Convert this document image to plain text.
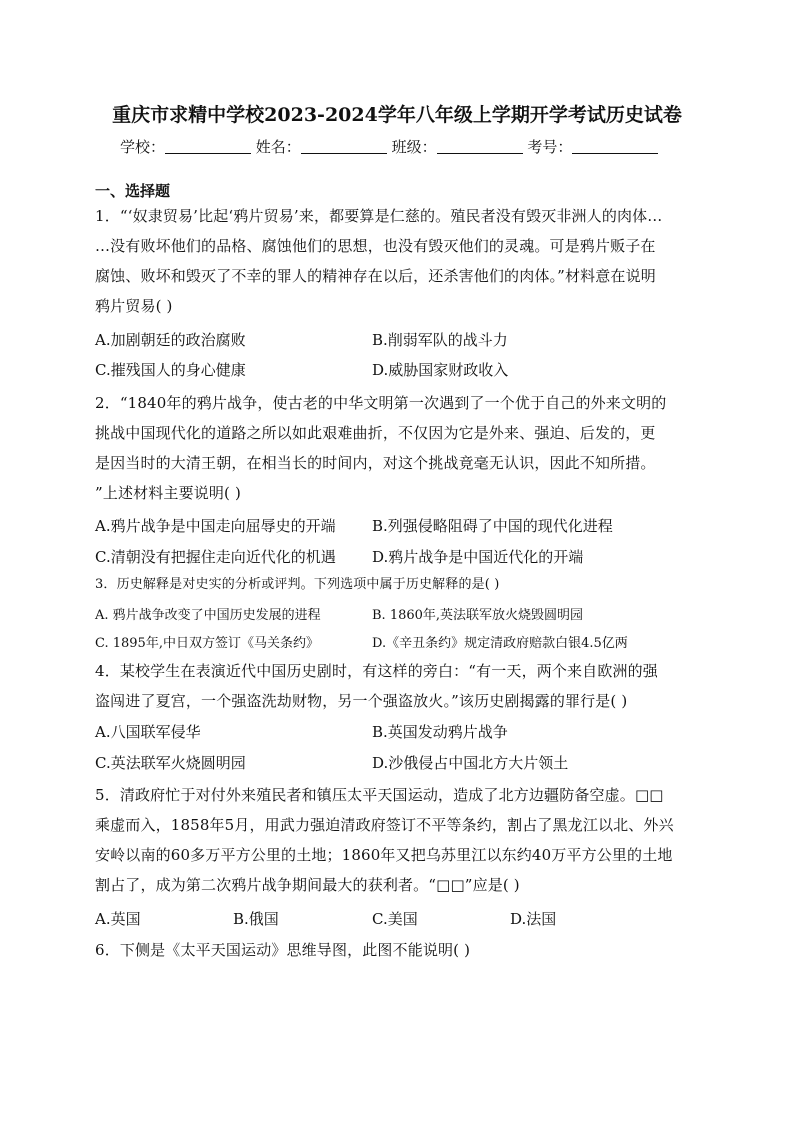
重庆市求精中学校2023-2024学年八年级上学期开学考试历史试卷
学校：	姓名：	班级：	考号：
一、选择题
1．“‘奴隶贸易’比起‘鸦片贸易’来，都要算是仁慈的。殖民者没有毁灭非洲人的肉体…
…没有败坏他们的品格、腐蚀他们的思想，也没有毁灭他们的灵魂。可是鸦片贩子在
腐蚀、败坏和毁灭了不幸的罪人的精神存在以后，还杀害他们的肉体。”材料意在说明
鸦片贸易( )
A.加剧朝廷的政治腐败	B.削弱军队的战斗力
C.摧残国人的身心健康	D.威胁国家财政收入
2．“1840年的鸦片战争，使古老的中华文明第一次遇到了一个优于自己的外来文明的
挑战中国现代化的道路之所以如此艰难曲折，不仅因为它是外来、强迫、后发的，更
是因当时的大清王朝，在相当长的时间内，对这个挑战竟毫无认识，因此不知所措。
”上述材料主要说明( )
A.鸦片战争是中国走向屈辱史的开端 B.列强侵略阻碍了中国的现代化进程
C.清朝没有把握住走向近代化的机遇 D.鸦片战争是中国近代化的开端
3．历史解释是对史实的分析或评判。下列选项中属于历史解释的是( )
A. 鸦片战争改变了中国历史发展的进程	B. 1860年,英法联军放火烧毁圆明园
C. 1895年,中日双方签订《马关条约》	D.《辛丑条约》规定清政府赔款白银4.5亿两
4．某校学生在表演近代中国历史剧时，有这样的旁白：“有一天，两个来自欧洲的强
盗闯进了夏宫，一个强盗洗劫财物，另一个强盗放火。”该历史剧揭露的罪行是( )
A.八国联军侵华	B.英国发动鸦片战争
C.英法联军火烧圆明园	D.沙俄侵占中国北方大片领土
5．清政府忙于对付外来殖民者和镇压太平天国运动，造成了北方边疆防备空虚。□□
乘虚而入，1858年5月，用武力强迫清政府签订不平等条约，割占了黑龙江以北、外兴
安岭以南的60多万平方公里的土地；1860年又把乌苏里江以东约40万平方公里的土地
割占了，成为第二次鸦片战争期间最大的获利者。“□□”应是( )
A.英国	B.俄国	C.美国	D.法国
6．下侧是《太平天国运动》思维导图，此图不能说明( )
